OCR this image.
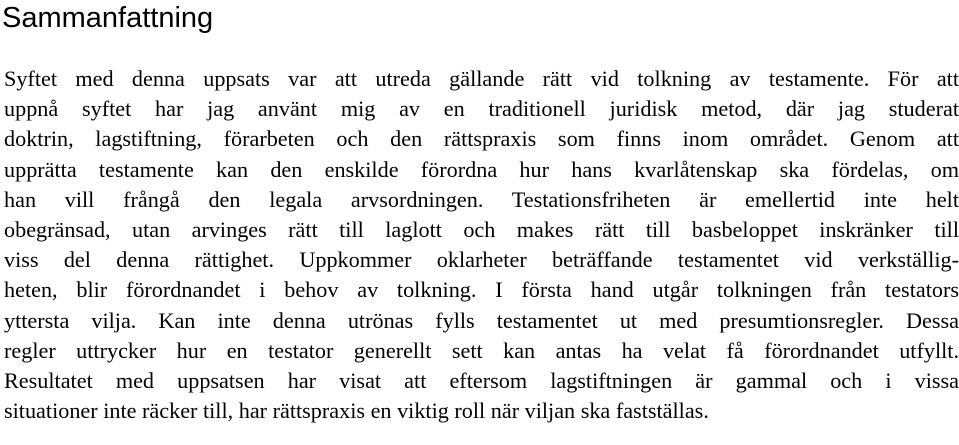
Sammanfattning
Syftet med denna uppsats var att utreda gällande rätt vid tolkning av testamente. För att
uppnå syftet har jag använt mig av en traditionell juridisk metod, där jag studerat
doktrin, lagstiftning, förarbeten och den rättspraxis som finns inom området. Genom att
upprätta testamente kan den enskilde förordna hur hans kvarlåtenskap ska fördelas, om
han vill frångå den legala arvsordningen. Testationsfriheten är emellertid inte helt
obegränsad, utan arvinges rätt till laglott och makes rätt till basbeloppet inskränker till
viss del denna rättighet. Uppkommer oklarheter beträffande testamentet vid verkställig-
heten, blir förordnandet i behov av tolkning. I första hand utgår tolkningen från testators
yttersta vilja. Kan inte denna utrönas fylls testamentet ut med presumtionsregler. Dessa
regler uttrycker hur en testator generellt sett kan antas ha velat få förordnandet utfyllt.
Resultatet med uppsatsen har visat att eftersom lagstiftningen är gammal och i vissa
situationer inte räcker till, har rättspraxis en viktig roll när viljan ska fastställas.
